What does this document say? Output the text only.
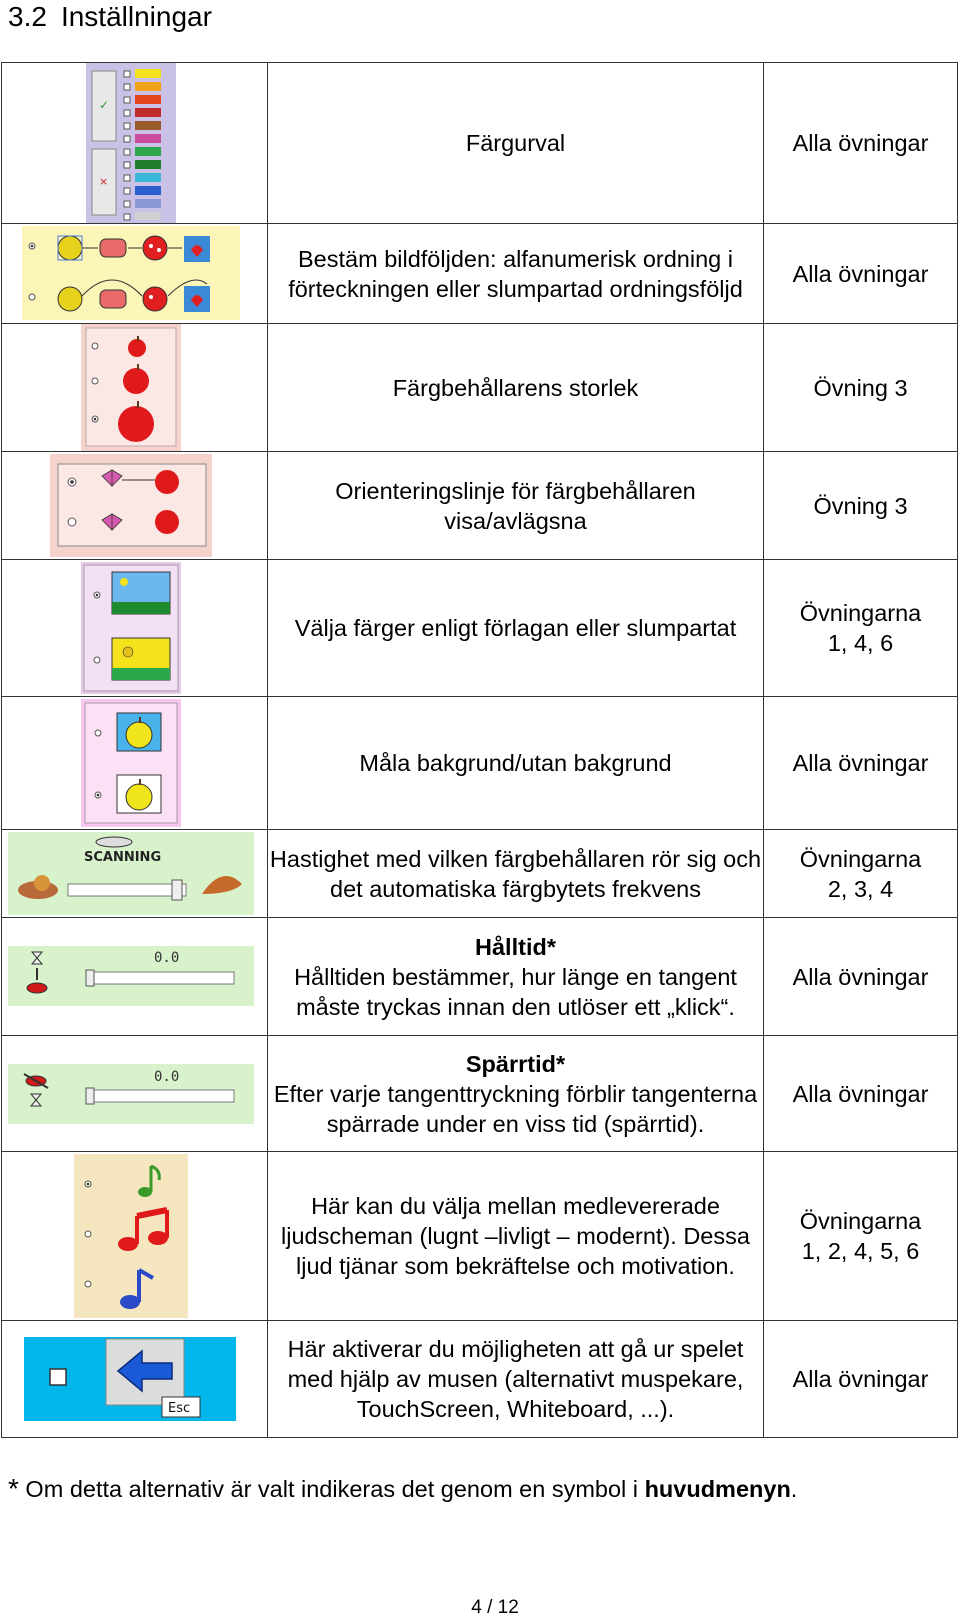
3.2 Inställningar
✓
×	Färgurval	Alla övningar

	Bestäm bildföljden: alfanumerisk ordning i förteckningen eller slumpartad ordningsföljd	Alla övningar

	Färgbehållarens storlek	Övning 3

	Orienteringslinje för färgbehållaren visa/avlägsna	Övning 3

	Välja färger enligt förlagan eller slumpartat	Övningarna
1, 4, 6

	Måla bakgrund/utan bakgrund	Alla övningar

SCANNING	Hastighet med vilken färgbehållaren rör sig och det automatiska färgbytets frekvens	Övningarna
2, 3, 4

0.0	Hålltid*
Hålltiden bestämmer, hur länge en tangent måste tryckas innan den utlöser ett „klick“.	Alla övningar

0.0	Spärrtid*
Efter varje tangenttryckning förblir tangenterna spärrade under en viss tid (spärrtid).	Alla övningar

	Här kan du välja mellan medlevererade ljudscheman (lugnt –livligt – modernt). Dessa ljud tjänar som bekräftelse och motivation.	Övningarna
1, 2, 4, 5, 6

Esc	Här aktiverar du möjligheten att gå ur spelet med hjälp av musen (alternativt muspekare, TouchScreen, Whiteboard, ...).	Alla övningar
* Om detta alternativ är valt indikeras det genom en symbol i huvudmenyn.
4 / 12
